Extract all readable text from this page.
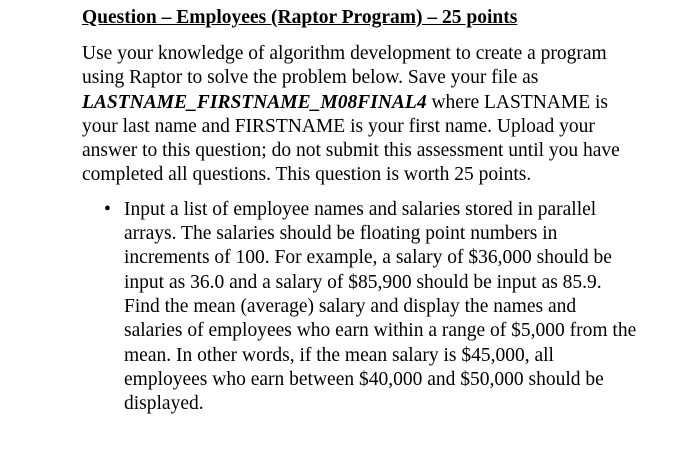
Question – Employees (Raptor Program) – 25 points

Use your knowledge of algorithm development to create a program using Raptor to solve the problem below. Save your file as LASTNAME_FIRSTNAME_M08FINAL4 where LASTNAME is your last name and FIRSTNAME is your first name. Upload your answer to this question; do not submit this assessment until you have completed all questions. This question is worth 25 points.

• Input a list of employee names and salaries stored in parallel arrays. The salaries should be floating point numbers in increments of 100. For example, a salary of $36,000 should be input as 36.0 and a salary of $85,900 should be input as 85.9. Find the mean (average) salary and display the names and salaries of employees who earn within a range of $5,000 from the mean. In other words, if the mean salary is $45,000, all employees who earn between $40,000 and $50,000 should be displayed.
